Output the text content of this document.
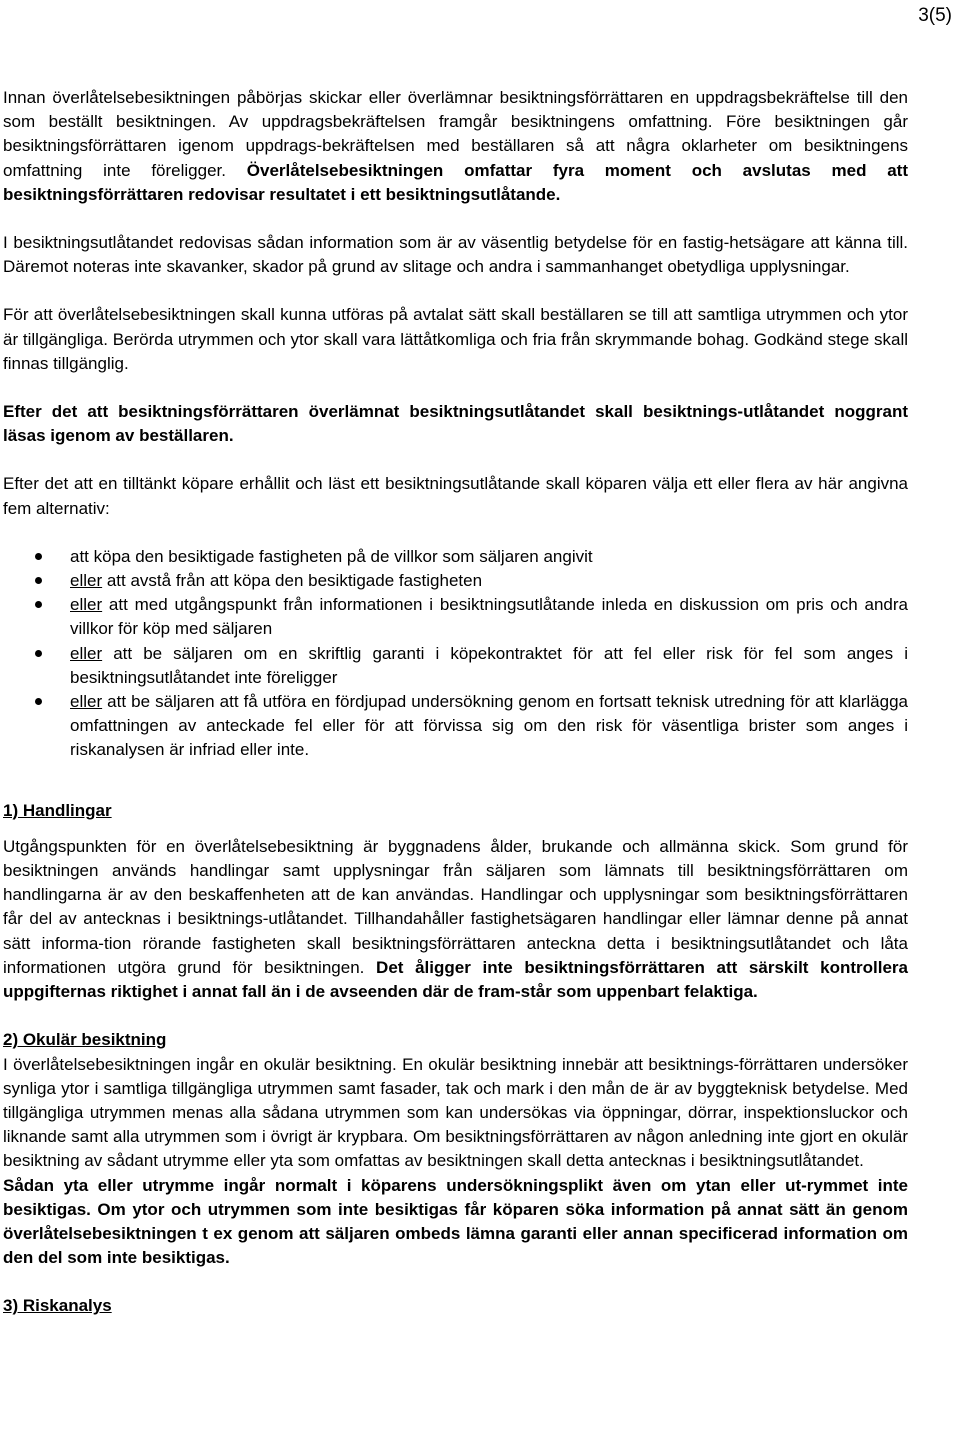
3(5)

Innan överlåtelsebesiktningen påbörjas skickar eller överlämnar besiktningsförrättaren en uppdragsbekräftelse till den som beställt besiktningen. Av uppdragsbekräftelsen framgår besiktningens omfattning. Före besiktningen går besiktningsförrättaren igenom uppdrags-bekräftelsen med beställaren så att några oklarheter om besiktningens omfattning inte föreligger. Överlåtelsebesiktningen omfattar fyra moment och avslutas med att besiktningsförrättaren redovisar resultatet i ett besiktningsutlåtande.

I besiktningsutlåtandet redovisas sådan information som är av väsentlig betydelse för en fastig-hetsägare att känna till. Däremot noteras inte skavanker, skador på grund av slitage och andra i sammanhanget obetydliga upplysningar.

För att överlåtelsebesiktningen skall kunna utföras på avtalat sätt skall beställaren se till att samtliga utrymmen och ytor är tillgängliga. Berörda utrymmen och ytor skall vara lättåtkomliga och fria från skrymmande bohag. Godkänd stege skall finnas tillgänglig.

Efter det att besiktningsförrättaren överlämnat besiktningsutlåtandet skall besiktnings-utlåtandet noggrant läsas igenom av beställaren.

Efter det att en tilltänkt köpare erhållit och läst ett besiktningsutlåtande skall köparen välja ett eller flera av här angivna fem alternativ:

att köpa den besiktigade fastigheten på de villkor som säljaren angivit
eller att avstå från att köpa den besiktigade fastigheten
eller att med utgångspunkt från informationen i besiktningsutlåtande inleda en diskussion om pris och andra villkor för köp med säljaren
eller att be säljaren om en skriftlig garanti i köpekontraktet för att fel eller risk för fel som anges i besiktningsutlåtandet inte föreligger
eller att be säljaren att få utföra en fördjupad undersökning genom en fortsatt teknisk utredning för att klarlägga omfattningen av anteckade fel eller för att förvissa sig om den risk för väsentliga brister som anges i riskanalysen är infriad eller inte.
1) Handlingar

Utgångspunkten för en överlåtelsebesiktning är byggnadens ålder, brukande och allmänna skick. Som grund för besiktningen används handlingar samt upplysningar från säljaren som lämnats till besiktningsförrättaren om handlingarna är av den beskaffenheten att de kan användas. Handlingar och upplysningar som besiktningsförrättaren får del av antecknas i besiktnings-utlåtandet. Tillhandahåller fastighetsägaren handlingar eller lämnar denne på annat sätt informa-tion rörande fastigheten skall besiktningsförrättaren anteckna detta i besiktningsutlåtandet och låta informationen utgöra grund för besiktningen. Det åligger inte besiktningsförrättaren att särskilt kontrollera uppgifternas riktighet i annat fall än i de avseenden där de fram-står som uppenbart felaktiga.

2) Okulär besiktning

I överlåtelsebesiktningen ingår en okulär besiktning. En okulär besiktning innebär att besiktnings-förrättaren undersöker synliga ytor i samtliga tillgängliga utrymmen samt fasader, tak och mark i den mån de är av byggteknisk betydelse. Med tillgängliga utrymmen menas alla sådana utrymmen som kan undersökas via öppningar, dörrar, inspektionsluckor och liknande samt alla utrymmen som i övrigt är krypbara. Om besiktningsförrättaren av någon anledning inte gjort en okulär besiktning av sådant utrymme eller yta som omfattas av besiktningen skall detta antecknas i besiktningsutlåtandet.

Sådan yta eller utrymme ingår normalt i köparens undersökningsplikt även om ytan eller ut-rymmet inte besiktigas. Om ytor och utrymmen som inte besiktigas får köparen söka information på annat sätt än genom överlåtelsebesiktningen t ex genom att säljaren ombeds lämna garanti eller annan specificerad information om den del som inte besiktigas.

3) Riskanalys
